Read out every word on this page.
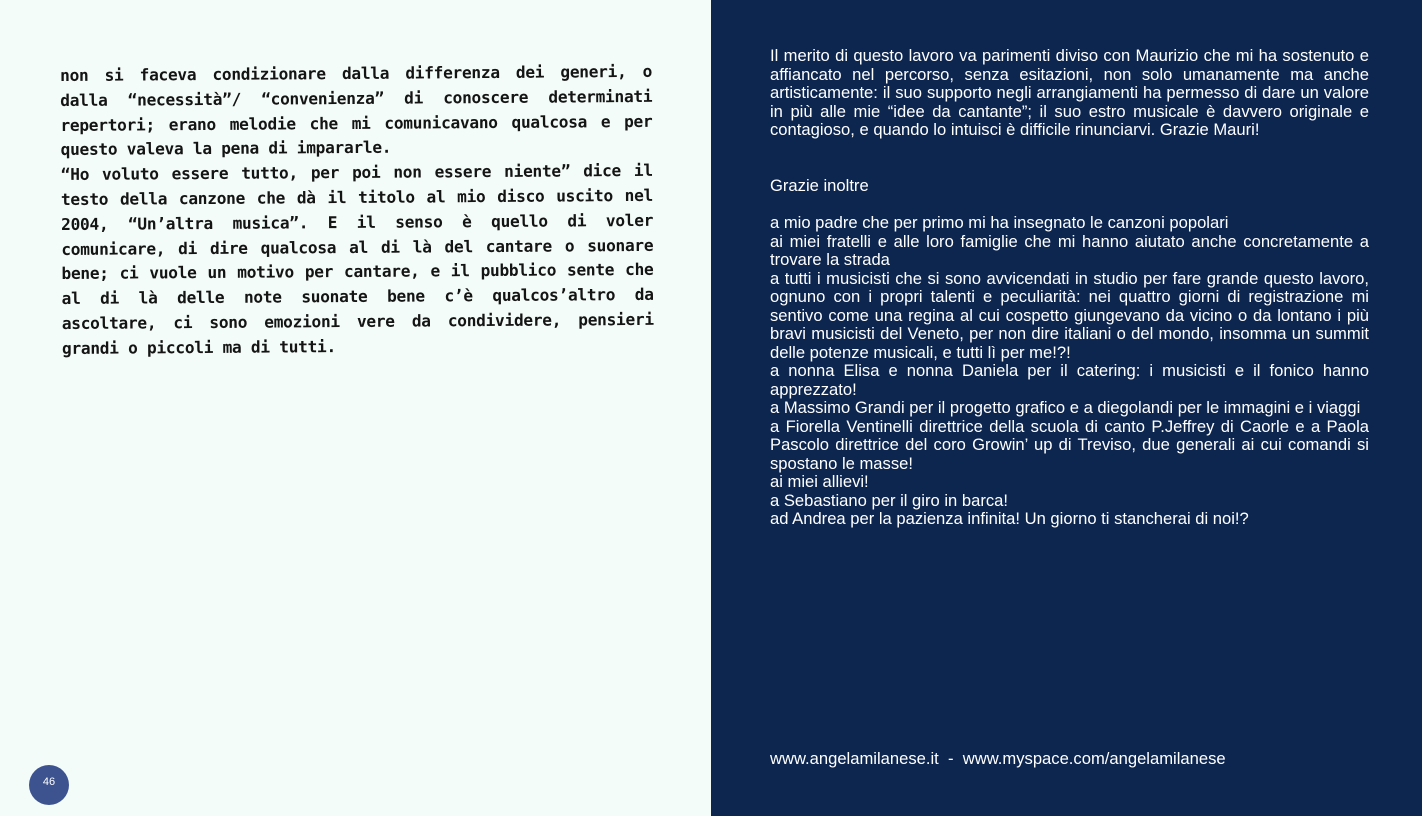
non si faceva condizionare dalla differenza dei generi, o dalla “necessità”/ “convenienza” di conoscere determinati repertori; erano melodie che mi comunicavano qualcosa e per questo valeva la pena di impararle.

“Ho voluto essere tutto, per poi non essere niente” dice il testo della canzone che dà il titolo al mio disco uscito nel 2004, “Un’altra musica”. E il senso è quello di voler comunicare, di dire qualcosa al di là del cantare o suonare bene; ci vuole un motivo per cantare, e il pubblico sente che al di là delle note suonate bene c’è qualcos’altro da ascoltare, ci sono emozioni vere da condividere, pensieri grandi o piccoli ma di tutti.

46

Il merito di questo lavoro va parimenti diviso con Maurizio che mi ha sostenuto e affiancato nel percorso, senza esitazioni, non solo umanamente ma anche artisticamente: il suo supporto negli arrangiamenti ha permesso di dare un valore in più alle mie “idee da cantante”; il suo estro musicale è davvero originale e contagioso, e quando lo intuisci è difficile rinunciarvi. Grazie Mauri!

Grazie inoltre

a mio padre che per primo mi ha insegnato le canzoni popolari
ai miei fratelli e alle loro famiglie che mi hanno aiutato anche concretamente a trovare la strada
a tutti i musicisti che si sono avvicendati in studio per fare grande questo lavoro, ognuno con i propri talenti e peculiarità: nei quattro giorni di registrazione mi sentivo come una regina al cui cospetto giungevano da vicino o da lontano i più bravi musicisti del Veneto, per non dire italiani o del mondo, insomma un summit delle potenze musicali, e tutti lì per me!?!
a nonna Elisa e nonna Daniela per il catering: i musicisti e il fonico hanno apprezzato!
a Massimo Grandi per il progetto grafico e a diegolandi per le immagini e i viaggi
a Fiorella Ventinelli direttrice della scuola di canto P.Jeffrey di Caorle e a Paola Pascolo direttrice del coro Growin’ up di Treviso, due generali ai cui comandi si spostano le masse!
ai miei allievi!
a Sebastiano per il giro in barca!
ad Andrea per la pazienza infinita! Un giorno ti stancherai di noi!?

www.angelamilanese.it  -  www.myspace.com/angelamilanese
